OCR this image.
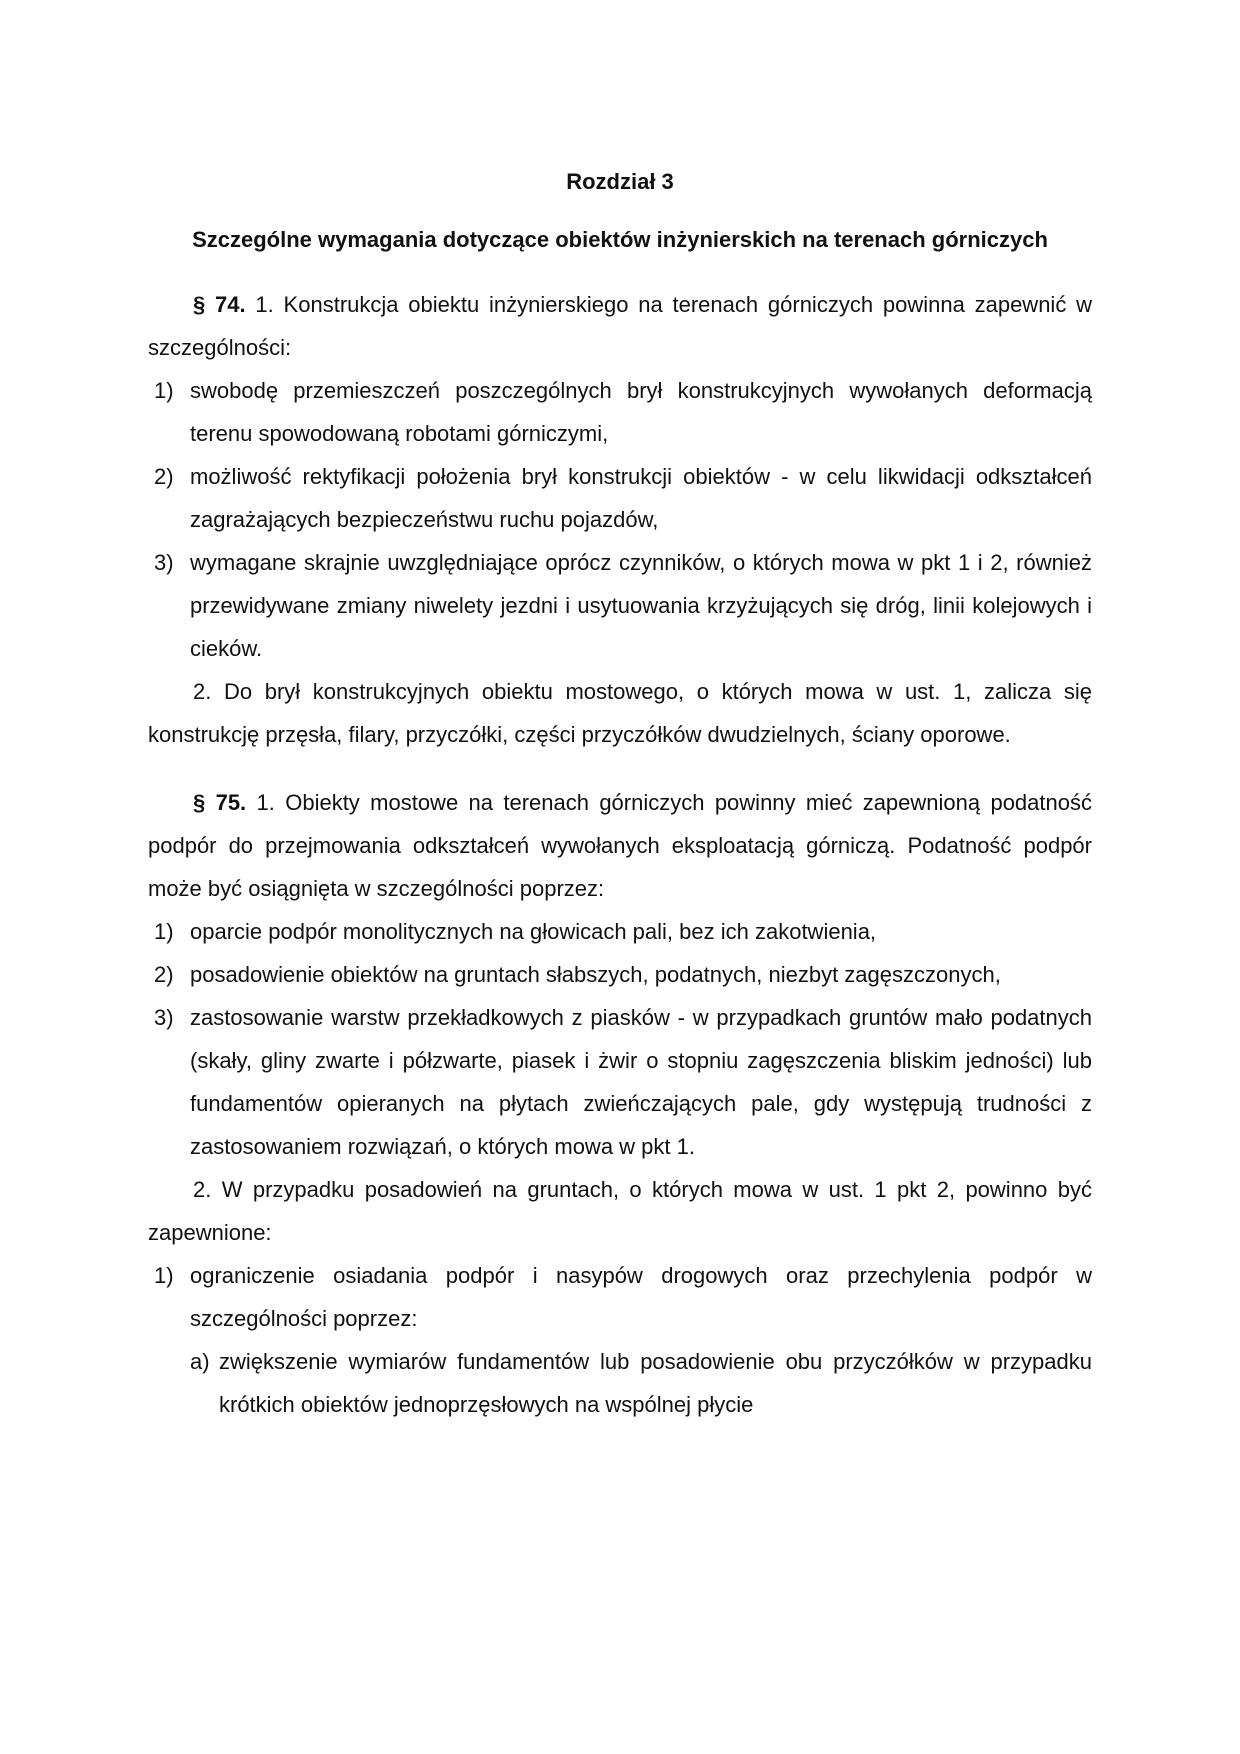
Rozdział 3

Szczególne wymagania dotyczące obiektów inżynierskich na terenach górniczych

§ 74. 1. Konstrukcja obiektu inżynierskiego na terenach górniczych powinna zapewnić w szczególności:

1) swobodę przemieszczeń poszczególnych brył konstrukcyjnych wywołanych deformacją terenu spowodowaną robotami górniczymi,
2) możliwość rektyfikacji położenia brył konstrukcji obiektów - w celu likwidacji odkształceń zagrażających bezpieczeństwu ruchu pojazdów,
3) wymagane skrajnie uwzględniające oprócz czynników, o których mowa w pkt 1 i 2, również przewidywane zmiany niwelety jezdni i usytuowania krzyżujących się dróg, linii kolejowych i cieków.

2. Do brył konstrukcyjnych obiektu mostowego, o których mowa w ust. 1, zalicza się konstrukcję przęsła, filary, przyczółki, części przyczółków dwudzielnych, ściany oporowe.

§ 75. 1. Obiekty mostowe na terenach górniczych powinny mieć zapewnioną podatność podpór do przejmowania odkształceń wywołanych eksploatacją górniczą. Podatność podpór może być osiągnięta w szczególności poprzez:

1) oparcie podpór monolitycznych na głowicach pali, bez ich zakotwienia,
2) posadowienie obiektów na gruntach słabszych, podatnych, niezbyt zagęszczonych,
3) zastosowanie warstw przekładkowych z piasków - w przypadkach gruntów mało podatnych (skały, gliny zwarte i półzwarte, piasek i żwir o stopniu zagęszczenia bliskim jedności) lub fundamentów opieranych na płytach zwieńczających pale, gdy występują trudności z zastosowaniem rozwiązań, o których mowa w pkt 1.

2. W przypadku posadowień na gruntach, o których mowa w ust. 1 pkt 2, powinno być zapewnione:

1) ograniczenie osiadania podpór i nasypów drogowych oraz przechylenia podpór w szczególności poprzez:
a) zwiększenie wymiarów fundamentów lub posadowienie obu przyczółków w przypadku krótkich obiektów jednoprzęsłowych na wspólnej płycie
